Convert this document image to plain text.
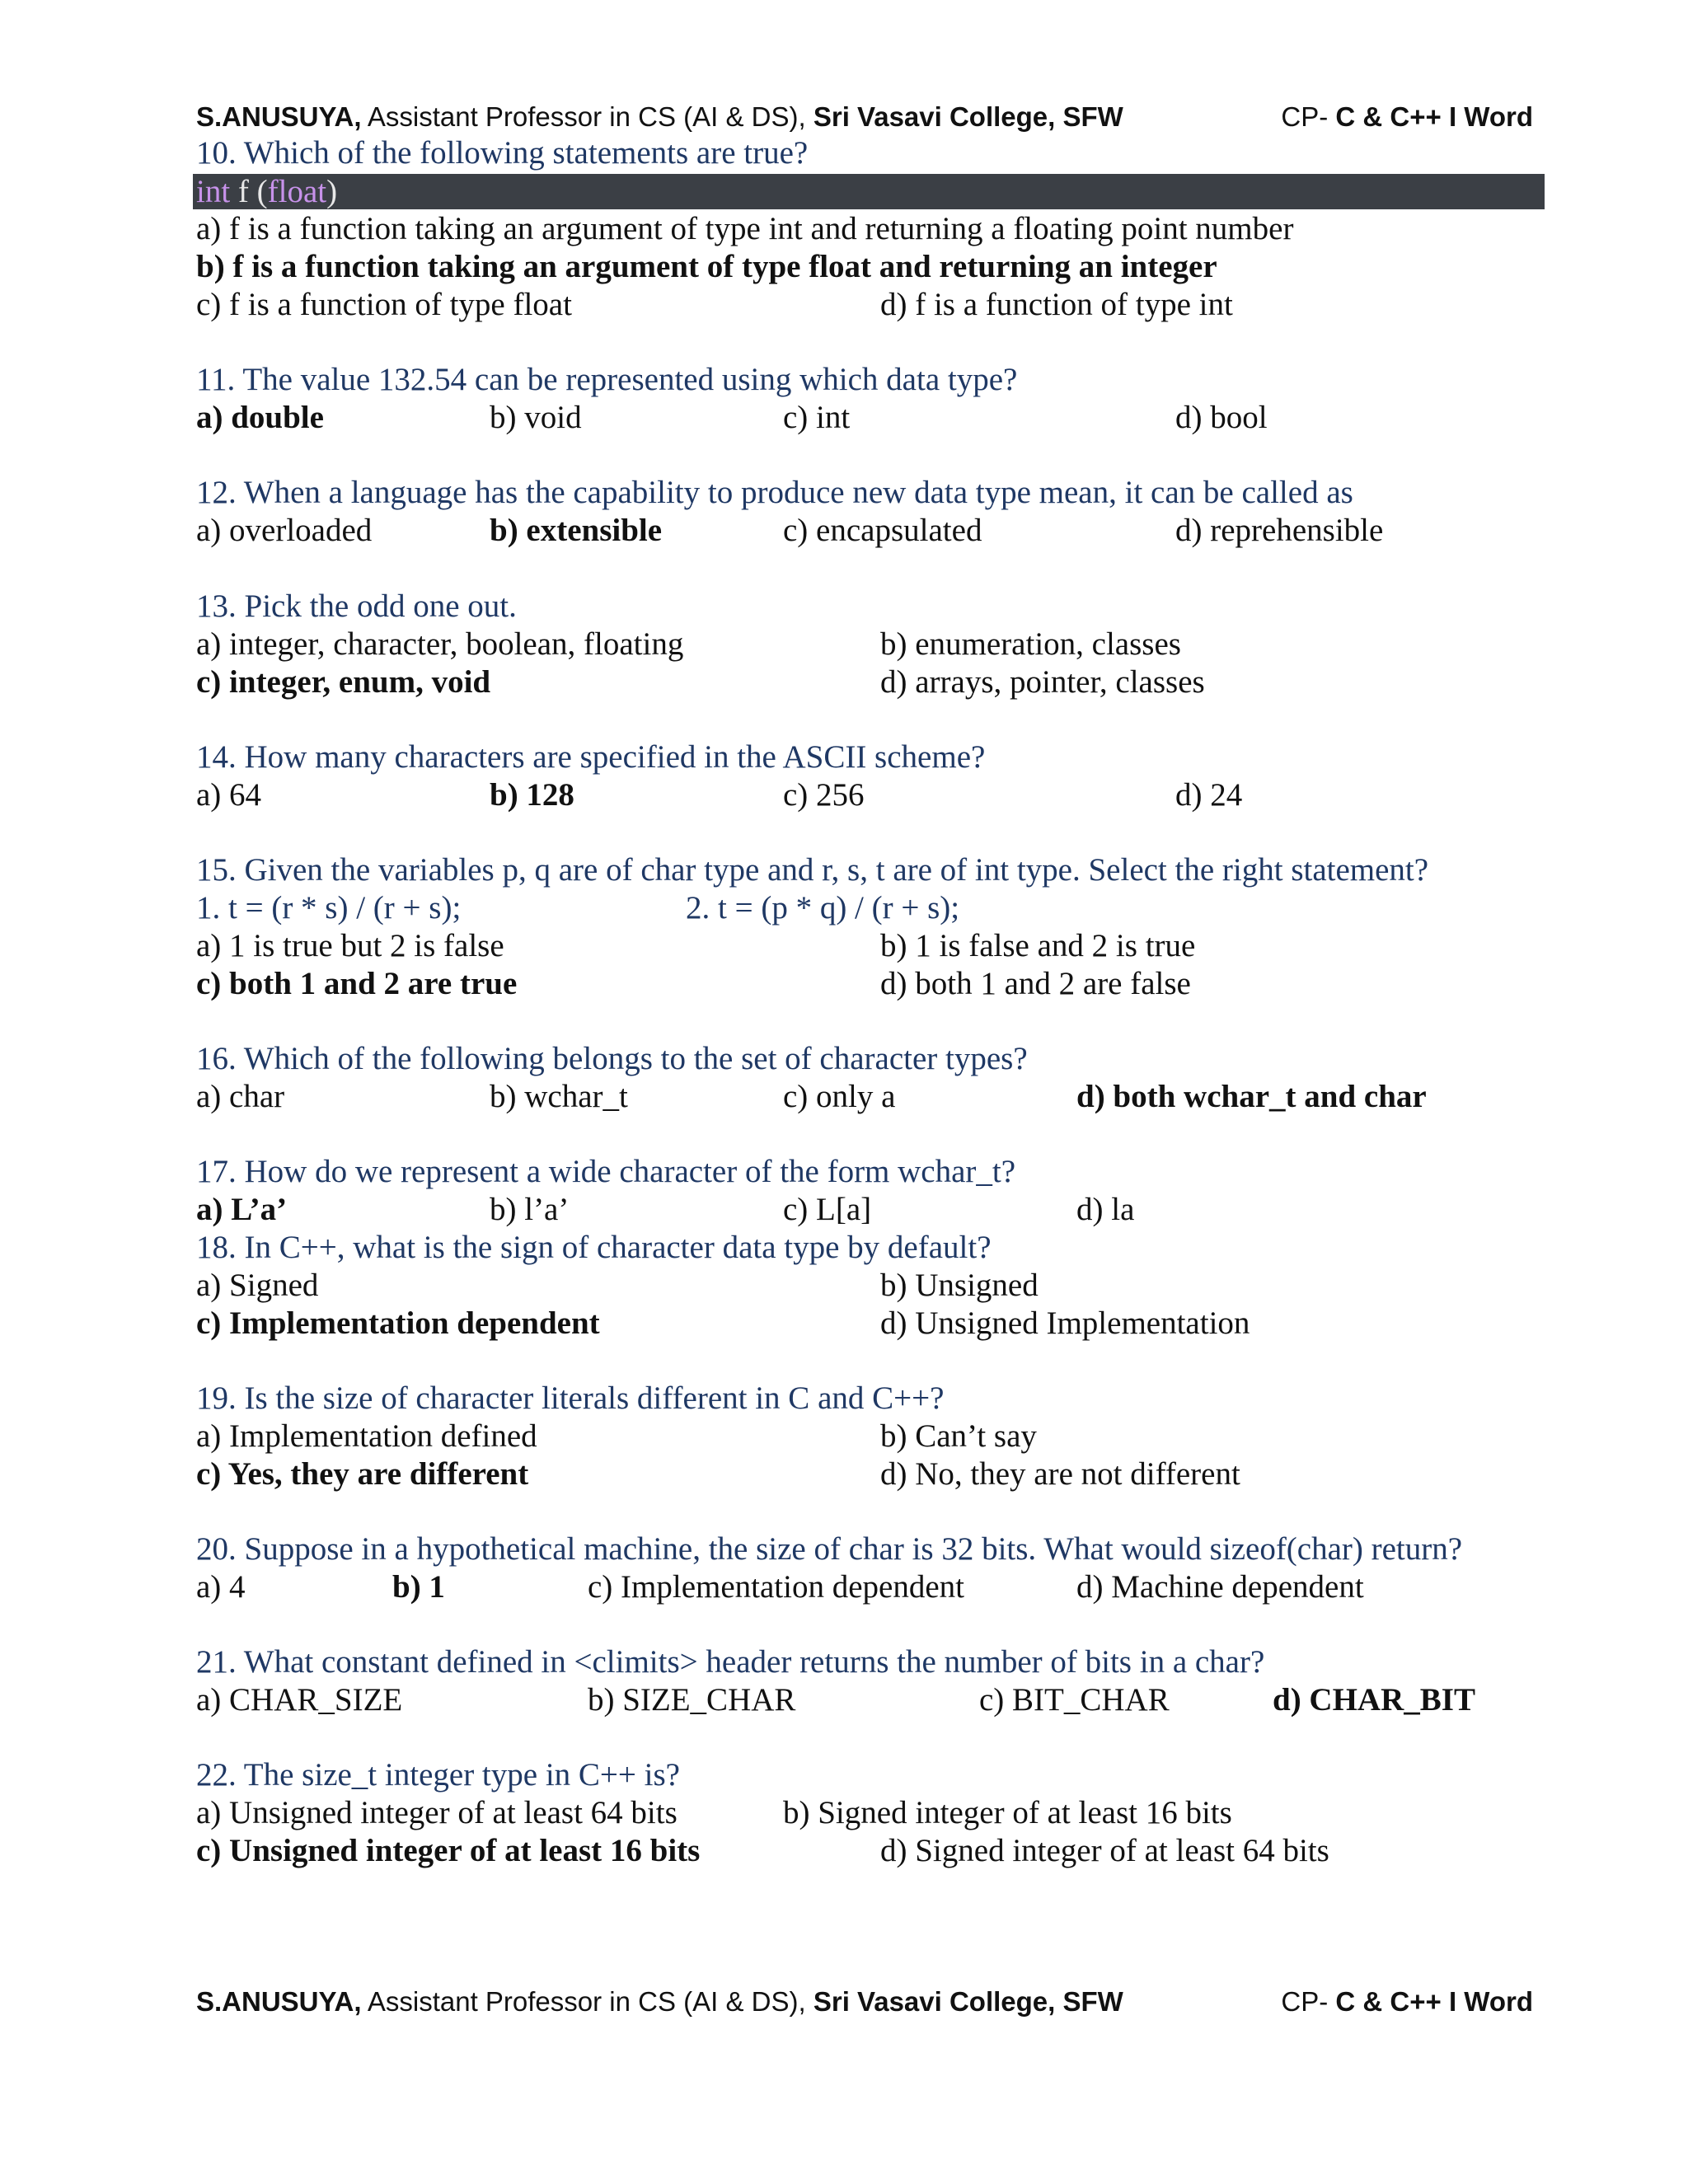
S.ANUSUYA, Assistant Professor in CS (AI & DS), Sri Vasavi College, SFW	CP- C & C++ I Word
10. Which of the following statements are true?
int f (float)
a) f is a function taking an argument of type int and returning a floating point number
b) f is a function taking an argument of type float and returning an integer
c) f is a function of type float	d) f is a function of type int
11. The value 132.54 can be represented using which data type?
a) double	b) void	c) int	d) bool
12. When a language has the capability to produce new data type mean, it can be called as
a) overloaded	b) extensible	c) encapsulated	d) reprehensible
13. Pick the odd one out.
a) integer, character, boolean, floating	b) enumeration, classes
c) integer, enum, void	d) arrays, pointer, classes
14. How many characters are specified in the ASCII scheme?
a) 64	b) 128	c) 256	d) 24
15. Given the variables p, q are of char type and r, s, t are of int type. Select the right statement?
1. t = (r * s) / (r + s);	2. t = (p * q) / (r + s);
a) 1 is true but 2 is false	b) 1 is false and 2 is true
c) both 1 and 2 are true	d) both 1 and 2 are false
16. Which of the following belongs to the set of character types?
a) char	b) wchar_t	c) only a	d) both wchar_t and char
17. How do we represent a wide character of the form wchar_t?
a) L’a’	b) l’a’	c) L[a]	d) la
18. In C++, what is the sign of character data type by default?
a) Signed	b) Unsigned
c) Implementation dependent	d) Unsigned Implementation
19. Is the size of character literals different in C and C++?
a) Implementation defined	b) Can’t say
c) Yes, they are different	d) No, they are not different
20. Suppose in a hypothetical machine, the size of char is 32 bits. What would sizeof(char) return?
a) 4	b) 1	c) Implementation dependent	d) Machine dependent
21. What constant defined in <climits> header returns the number of bits in a char?
a) CHAR_SIZE	b) SIZE_CHAR	c) BIT_CHAR	d) CHAR_BIT
22. The size_t integer type in C++ is?
a) Unsigned integer of at least 64 bits	b) Signed integer of at least 16 bits
c) Unsigned integer of at least 16 bits	d) Signed integer of at least 64 bits
S.ANUSUYA, Assistant Professor in CS (AI & DS), Sri Vasavi College, SFW	CP- C & C++ I Word
